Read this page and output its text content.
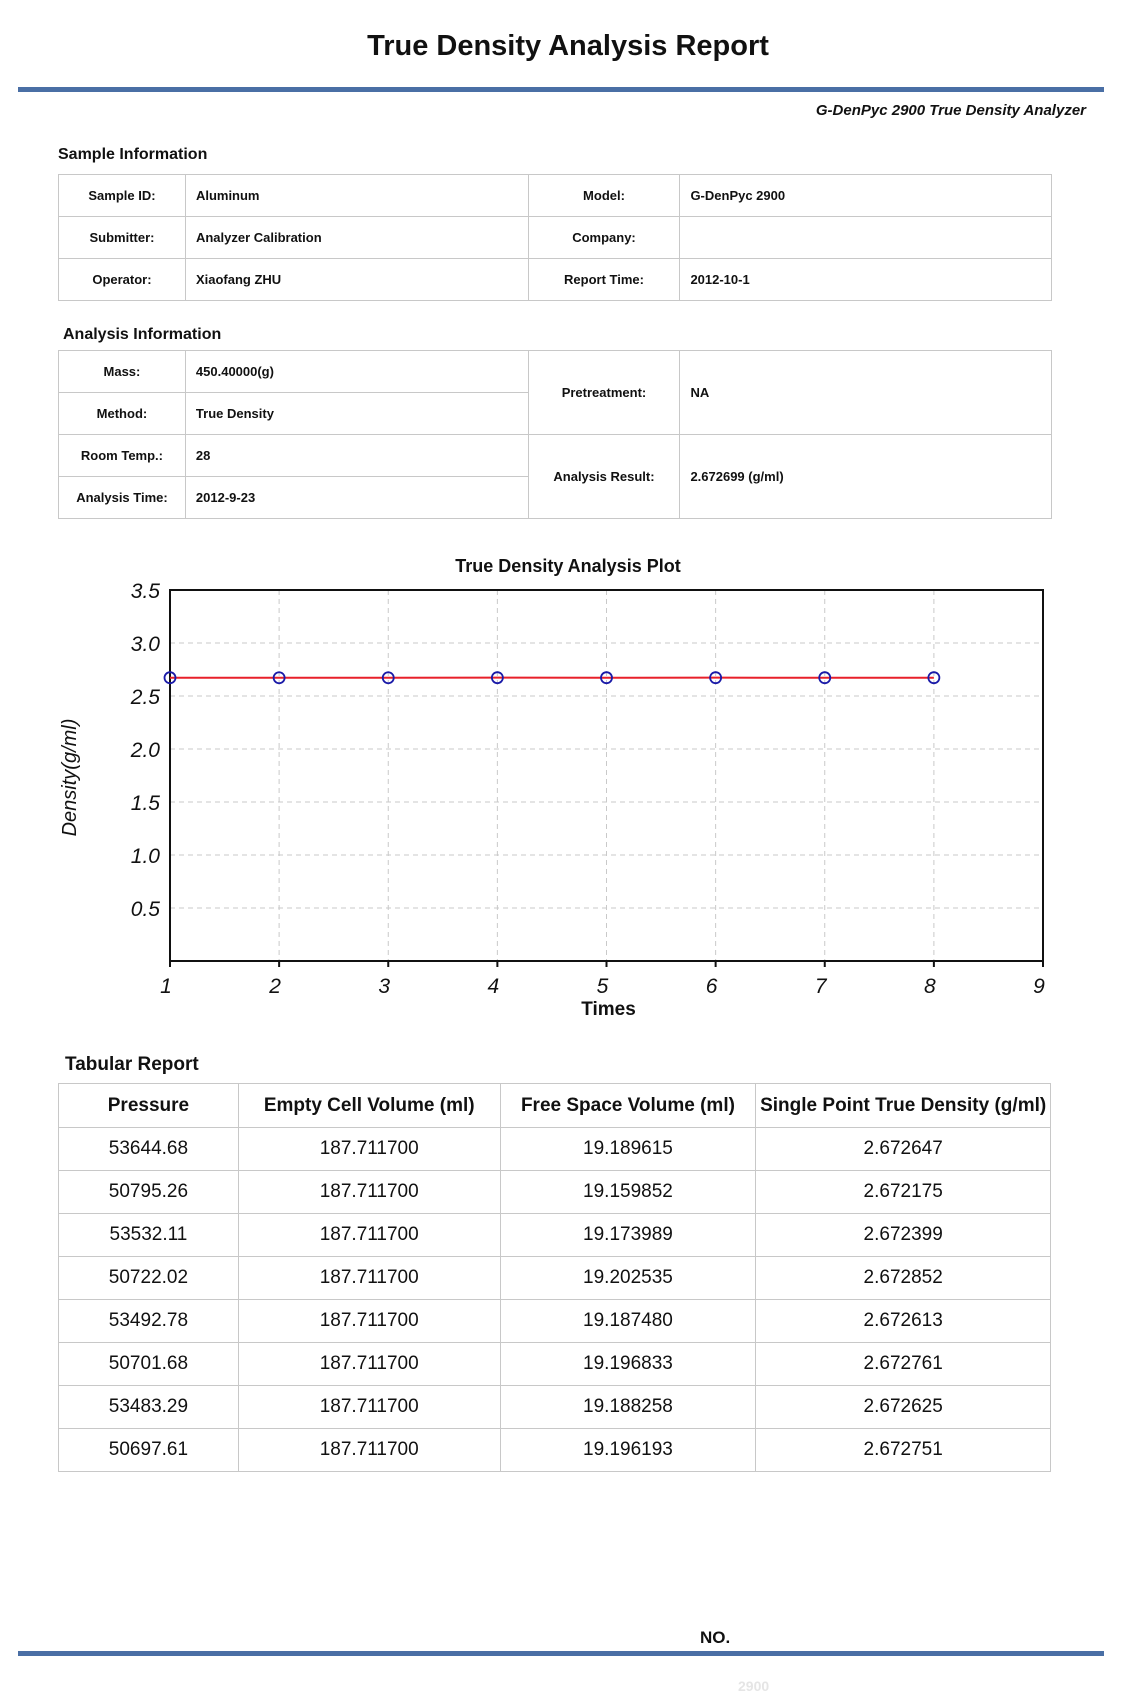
True Density Analysis Report
G-DenPyc 2900 True Density Analyzer
Sample Information
Sample ID:	Aluminum	Model:	G-DenPyc 2900
Submitter:	Analyzer Calibration	Company:	
Operator:	Xiaofang ZHU	Report Time:	2012-10-1
Analysis Information
Mass:	450.40000(g)	Pretreatment:	NA
Method:	True Density		
Room Temp.:	28	Analysis Result:	2.672699 (g/ml)
Analysis Time:	2012-9-23		
True Density Analysis Plot
1	2	3	4	5	6	7	8	9
0.5
1.0
1.5
2.0
2.5
3.0
3.5
Times
Density(g/ml)
Tabular Report
Pressure	Empty Cell Volume (ml)	Free Space Volume (ml)	Single Point True Density (g/ml)
53644.68	187.711700	19.189615	2.672647
50795.26	187.711700	19.159852	2.672175
53532.11	187.711700	19.173989	2.672399
50722.02	187.711700	19.202535	2.672852
53492.78	187.711700	19.187480	2.672613
50701.68	187.711700	19.196833	2.672761
53483.29	187.711700	19.188258	2.672625
50697.61	187.711700	19.196193	2.672751
NO.
2900
